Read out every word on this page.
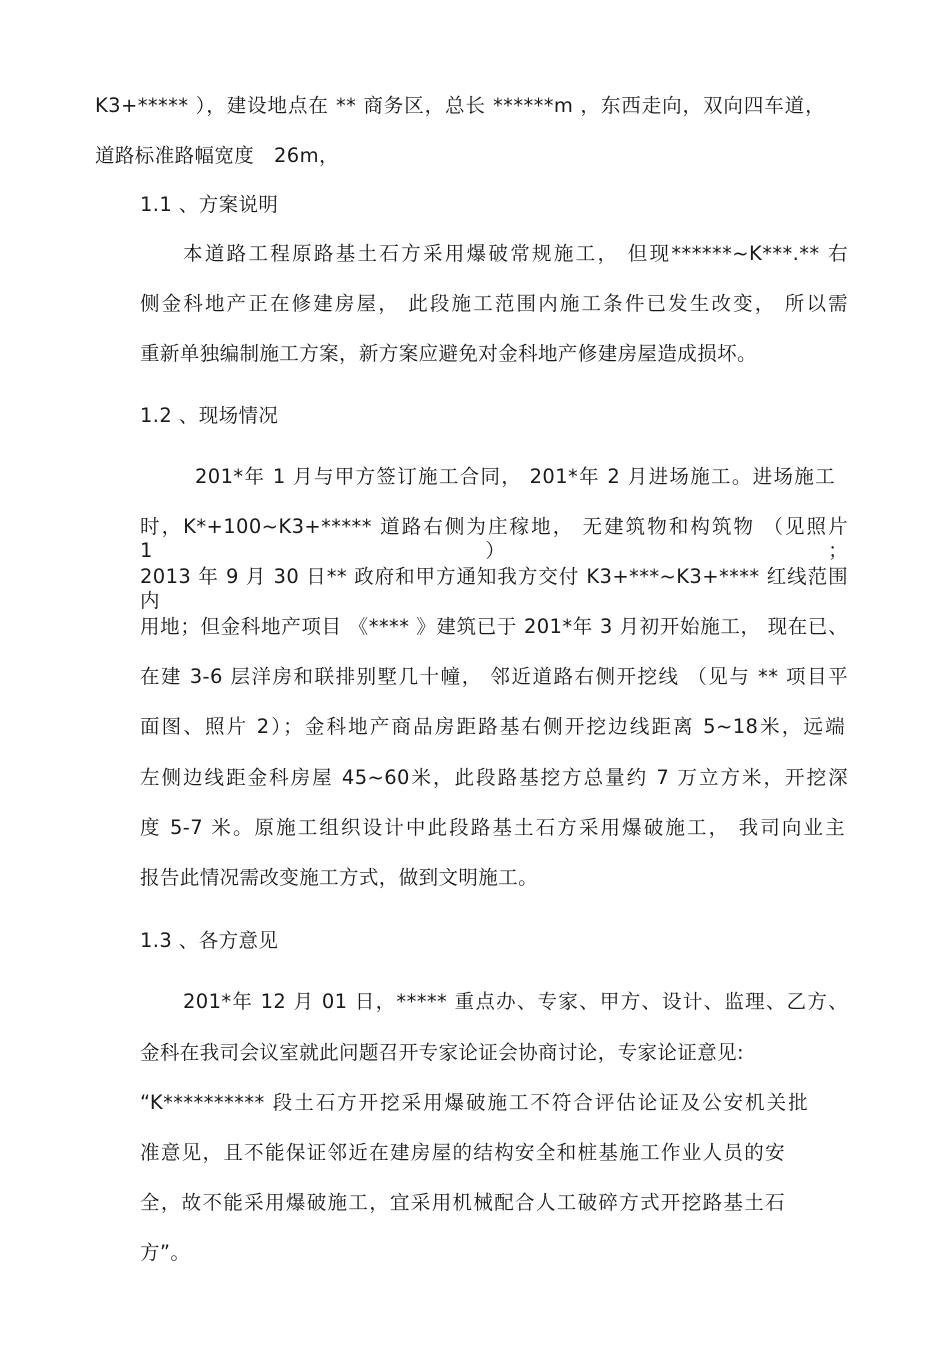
K3+***** ），建设地点在 ** 商务区，总长 ******m ，东西走向，双向四车道，
道路标准路幅宽度   26m，
1.1 、方案说明
本道路工程原路基土石方采用爆破常规施工， 但现******~K***.** 右
侧金科地产正在修建房屋， 此段施工范围内施工条件已发生改变， 所以需
重新单独编制施工方案，新方案应避免对金科地产修建房屋造成损坏。
1.2 、现场情况
201*年 1 月与甲方签订施工合同， 201*年 2 月进场施工。进场施工
时，K*+100~K3+***** 道路右侧为庄稼地， 无建筑物和构筑物 （见照片 1）；
2013 年 9 月 30 日** 政府和甲方通知我方交付 K3+***~K3+**** 红线范围内
用地；但金科地产项目 《**** 》建筑已于 201*年 3 月初开始施工， 现在已、
在建 3-6 层洋房和联排别墅几十幢， 邻近道路右侧开挖线 （见与 ** 项目平
面图、照片 2）；金科地产商品房距路基右侧开挖边线距离 5~18米，远端
左侧边线距金科房屋 45~60米，此段路基挖方总量约 7 万立方米，开挖深
度 5-7 米。原施工组织设计中此段路基土石方采用爆破施工， 我司向业主
报告此情况需改变施工方式，做到文明施工。
1.3 、各方意见
201*年 12 月 01 日，***** 重点办、专家、甲方、设计、监理、乙方、
金科在我司会议室就此问题召开专家论证会协商讨论，专家论证意见:
“K********** 段土石方开挖采用爆破施工不符合评估论证及公安机关批
准意见，且不能保证邻近在建房屋的结构安全和桩基施工作业人员的安
全，故不能采用爆破施工，宜采用机械配合人工破碎方式开挖路基土石
方”。
